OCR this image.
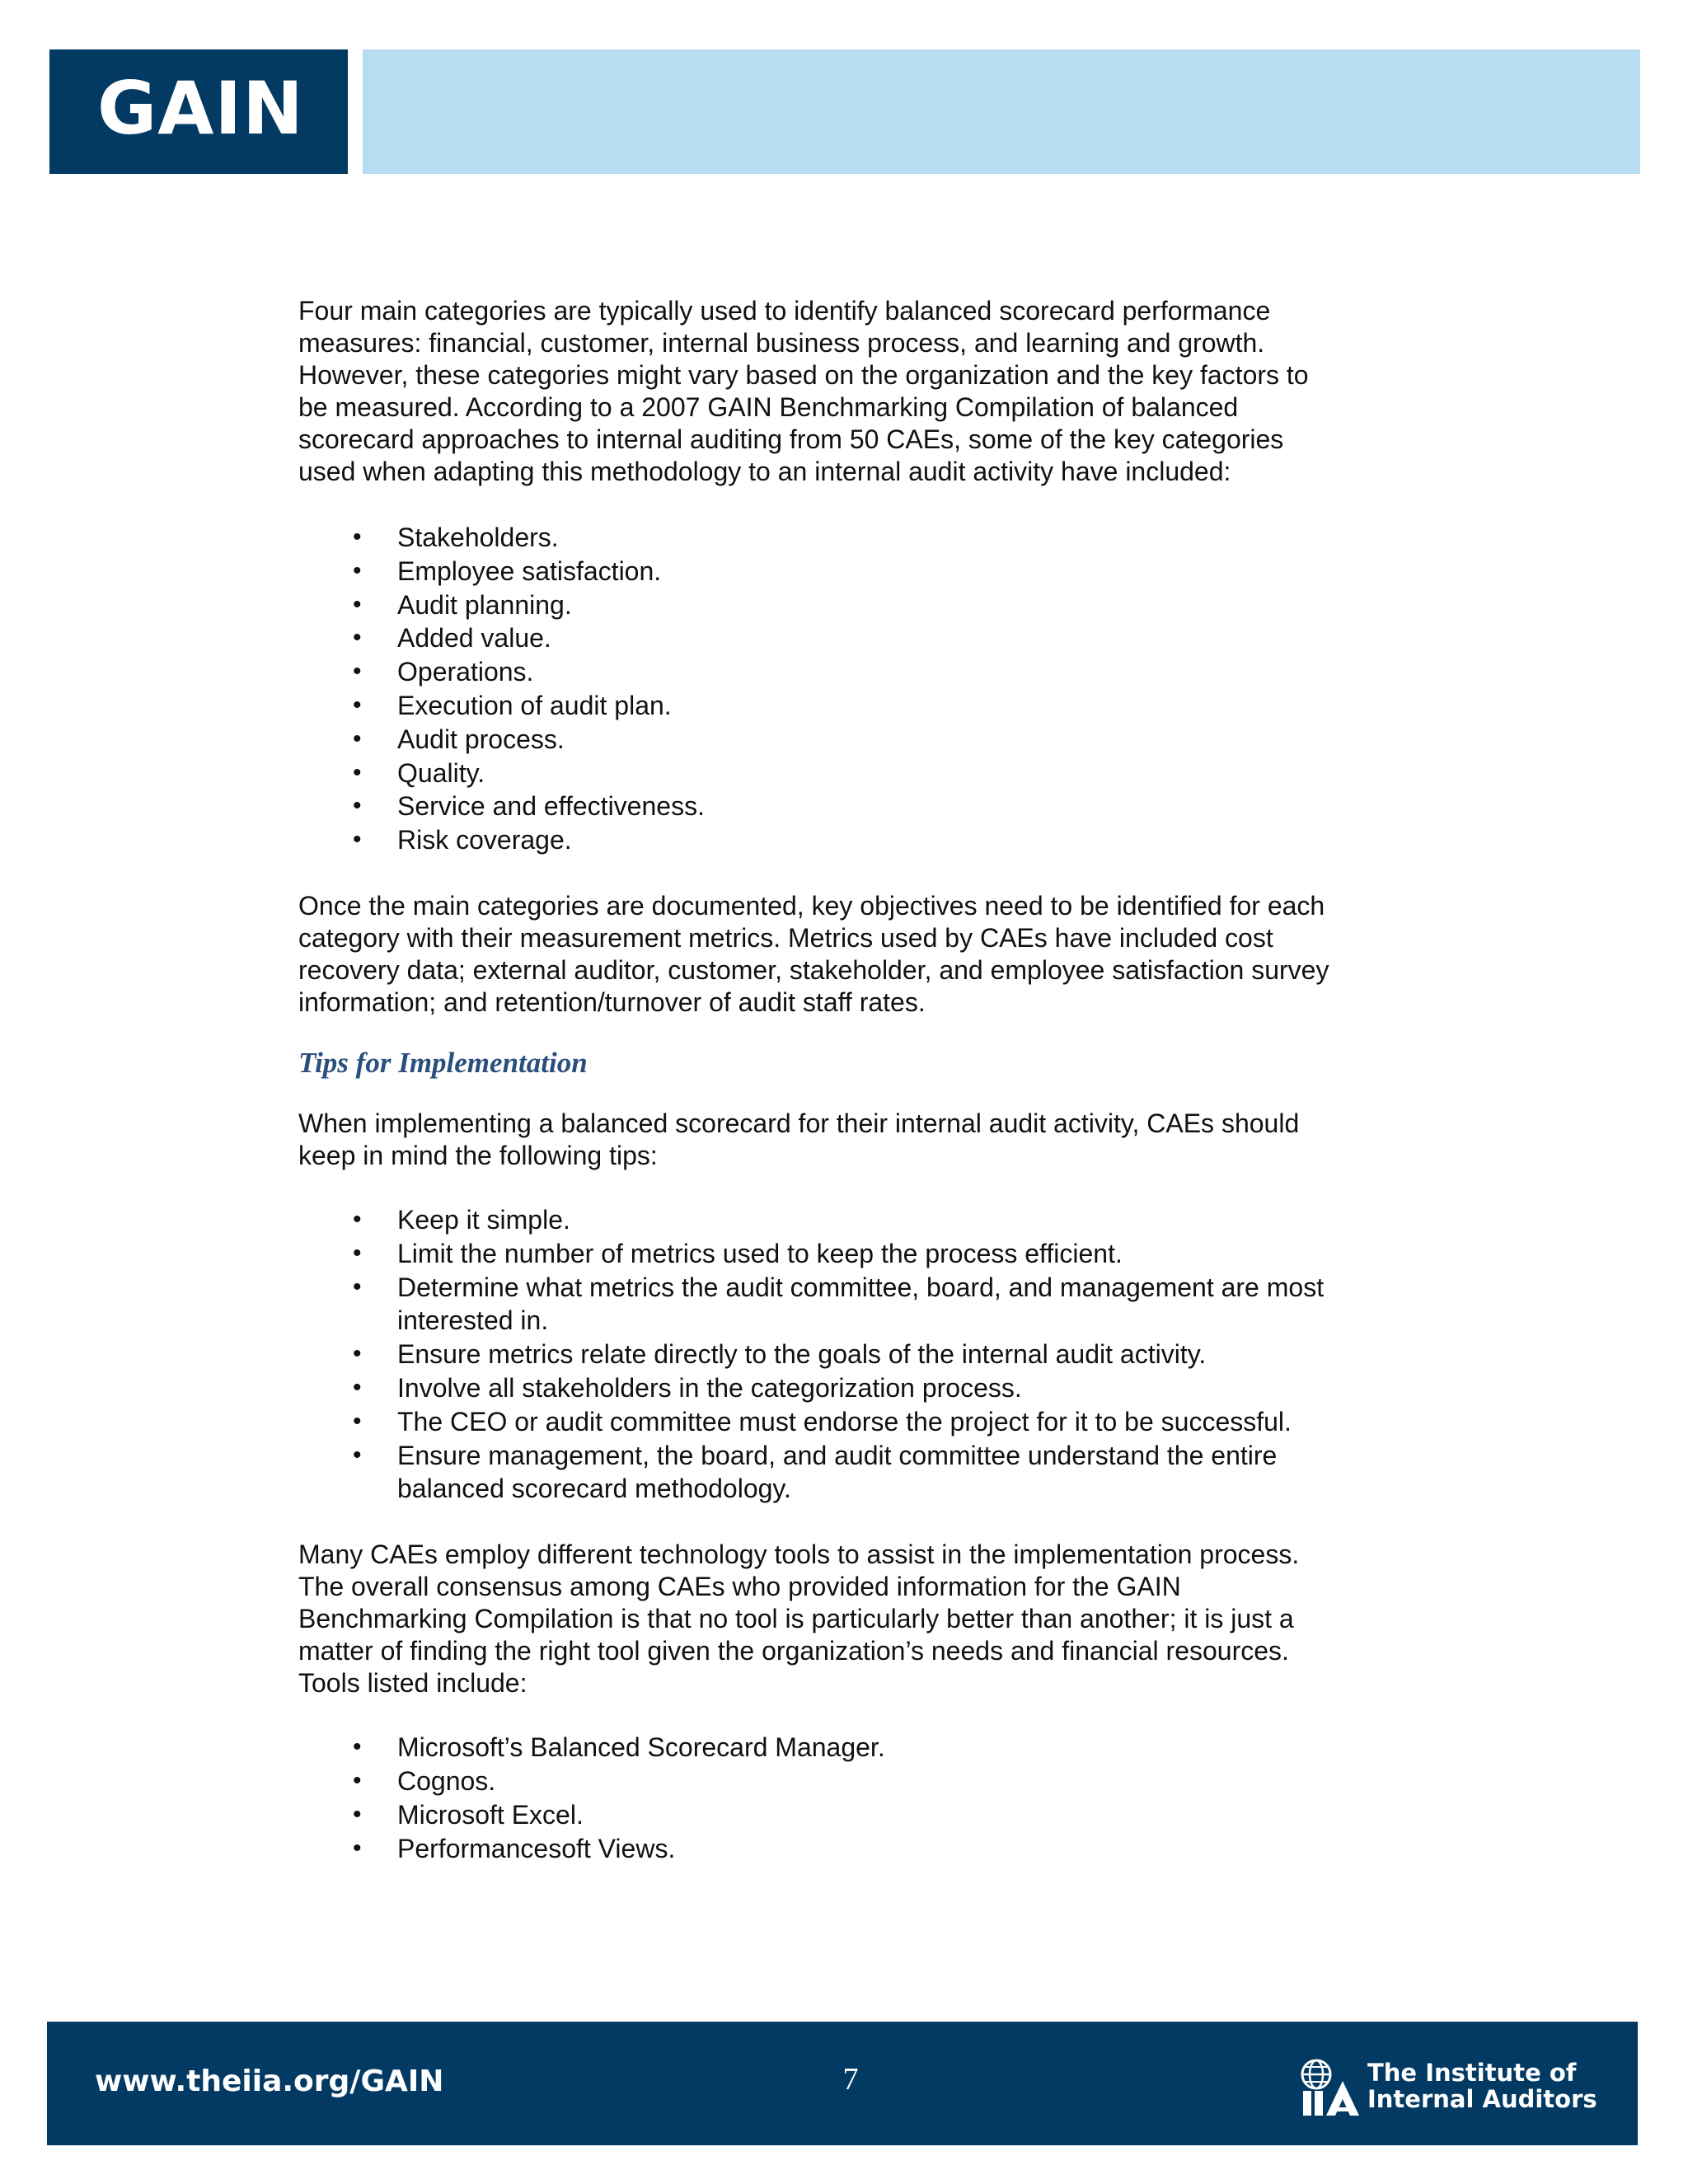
GAIN

Four main categories are typically used to identify balanced scorecard performance
measures: financial, customer, internal business process, and learning and growth.
However, these categories might vary based on the organization and the key factors to
be measured. According to a 2007 GAIN Benchmarking Compilation of balanced
scorecard approaches to internal auditing from 50 CAEs, some of the key categories
used when adapting this methodology to an internal audit activity have included:

• Stakeholders.
• Employee satisfaction.
• Audit planning.
• Added value.
• Operations.
• Execution of audit plan.
• Audit process.
• Quality.
• Service and effectiveness.
• Risk coverage.

Once the main categories are documented, key objectives need to be identified for each
category with their measurement metrics. Metrics used by CAEs have included cost
recovery data; external auditor, customer, stakeholder, and employee satisfaction survey
information; and retention/turnover of audit staff rates.

Tips for Implementation

When implementing a balanced scorecard for their internal audit activity, CAEs should
keep in mind the following tips:

• Keep it simple.
• Limit the number of metrics used to keep the process efficient.
• Determine what metrics the audit committee, board, and management are most
interested in.
• Ensure metrics relate directly to the goals of the internal audit activity.
• Involve all stakeholders in the categorization process.
• The CEO or audit committee must endorse the project for it to be successful.
• Ensure management, the board, and audit committee understand the entire
balanced scorecard methodology.

Many CAEs employ different technology tools to assist in the implementation process.
The overall consensus among CAEs who provided information for the GAIN
Benchmarking Compilation is that no tool is particularly better than another; it is just a
matter of finding the right tool given the organization’s needs and financial resources.
Tools listed include:

• Microsoft’s Balanced Scorecard Manager.
• Cognos.
• Microsoft Excel.
• Performancesoft Views.
www.theiia.org/GAIN	7	The Institute of
Internal Auditors
